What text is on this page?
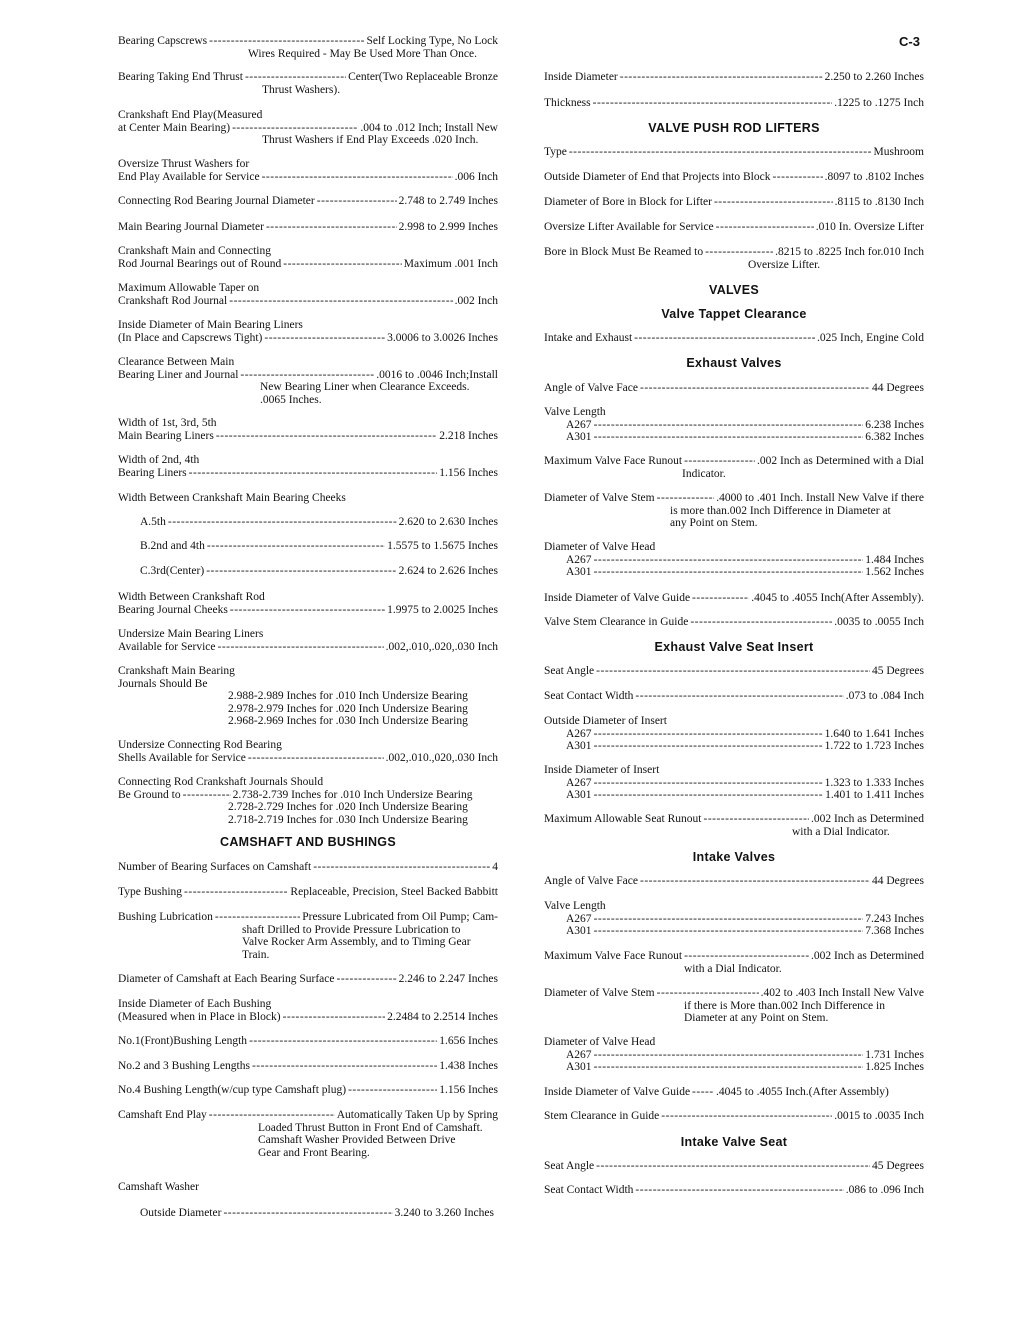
C-3
Bearing Capscrews -----	Self Locking Type, No Lock
Wires Required - May Be Used More Than Once.
Bearing Taking End Thrust -----	Center(Two Replaceable Bronze
Thrust Washers).
Crankshaft End Play(Measured
at Center Main Bearing) -----	.004 to .012 Inch; Install New
Thrust Washers if End Play Exceeds .020 Inch.
Oversize Thrust Washers for
End Play Available for Service -----	.006 Inch
Connecting Rod Bearing Journal Diameter -----	2.748 to 2.749 Inches
Main Bearing Journal Diameter -----	2.998 to 2.999 Inches
Crankshaft Main and Connecting
Rod Journal Bearings out of Round -----	Maximum .001 Inch
Maximum Allowable Taper on
Crankshaft Rod Journal -----	.002 Inch
Inside Diameter of Main Bearing Liners
(In Place and Capscrews Tight) -----	3.0006 to 3.0026 Inches
Clearance Between Main
Bearing Liner and Journal -----	.0016 to .0046 Inch;Install
New Bearing Liner when Clearance Exceeds.
.0065 Inches.
Width of 1st, 3rd, 5th
Main Bearing Liners -----	2.218 Inches
Width of 2nd, 4th
Bearing Liners -----	1.156 Inches
Width Between Crankshaft Main Bearing Cheeks
A.5th -----	2.620 to 2.630 Inches
B.2nd and 4th -----	1.5575 to 1.5675 Inches
C.3rd(Center) -----	2.624 to 2.626 Inches
Width Between Crankshaft Rod
Bearing Journal Cheeks -----	1.9975 to 2.0025 Inches
Undersize Main Bearing Liners
Available for Service -----	.002,.010,.020,.030 Inch
Crankshaft Main Bearing
Journals Should Be
2.988-2.989 Inches for .010 Inch Undersize Bearing
2.978-2.979 Inches for .020 Inch Undersize Bearing
2.968-2.969 Inches for .030 Inch Undersize Bearing
Undersize Connecting Rod Bearing
Shells Available for Service -----	.002,.010.,020,.030 Inch
Connecting Rod Crankshaft Journals Should
Be Ground to -----	2.738-2.739 Inches for .010 Inch Undersize Bearing
2.728-2.729 Inches for .020 Inch Undersize Bearing
2.718-2.719 Inches for .030 Inch Undersize Bearing
CAMSHAFT AND BUSHINGS
Number of Bearing Surfaces on Camshaft -----	4
Type Bushing -----	Replaceable, Precision, Steel Backed Babbitt
Bushing Lubrication -----	Pressure Lubricated from Oil Pump; Cam-
shaft Drilled to Provide Pressure Lubrication to
Valve Rocker Arm Assembly, and to Timing Gear
Train.
Diameter of Camshaft at Each Bearing Surface -----	2.246 to 2.247 Inches
Inside Diameter of Each Bushing
(Measured when in Place in Block) -----	2.2484 to 2.2514 Inches
No.1(Front)Bushing Length -----	1.656 Inches
No.2 and 3 Bushing Lengths -----	1.438 Inches
No.4 Bushing Length(w/cup type Camshaft plug) -----	1.156 Inches
Camshaft End Play -----	Automatically Taken Up by Spring
Loaded Thrust Button in Front End of Camshaft.
Camshaft Washer Provided Between Drive
Gear and Front Bearing.
Camshaft Washer
Outside Diameter -----	3.240 to 3.260 Inches
Inside Diameter -----	2.250 to 2.260 Inches
Thickness -----	.1225 to .1275 Inch
VALVE PUSH ROD LIFTERS
Type -----	Mushroom
Outside Diameter of End that Projects into Block -----	.8097 to .8102 Inches
Diameter of Bore in Block for Lifter -----	.8115 to .8130 Inch
Oversize Lifter Available for Service -----	.010 In. Oversize Lifter
Bore in Block Must Be Reamed to -----	.8215 to .8225 Inch for.010 Inch
Oversize Lifter.
VALVES
Valve Tappet Clearance
Intake and Exhaust -----	.025 Inch, Engine Cold
Exhaust Valves
Angle of Valve Face -----	44 Degrees
Valve Length
A267 -----	6.238 Inches
A301 -----	6.382 Inches
Maximum Valve Face Runout -----	.002 Inch as Determined with a Dial
Indicator.
Diameter of Valve Stem -----	.4000 to .401 Inch. Install New Valve if there
is more than.002 Inch Difference in Diameter at
any Point on Stem.
Diameter of Valve Head
A267 -----	1.484 Inches
A301 -----	1.562 Inches
Inside Diameter of Valve Guide -----	.4045 to .4055 Inch(After Assembly).
Valve Stem Clearance in Guide -----	.0035 to .0055 Inch
Exhaust Valve Seat Insert
Seat Angle -----	45 Degrees
Seat Contact Width -----	.073 to .084 Inch
Outside Diameter of Insert
A267 -----	1.640 to 1.641 Inches
A301 -----	1.722 to 1.723 Inches
Inside Diameter of Insert
A267 -----	1.323 to 1.333 Inches
A301 -----	1.401 to 1.411 Inches
Maximum Allowable Seat Runout -----	.002 Inch as Determined
with a Dial Indicator.
Intake Valves
Angle of Valve Face -----	44 Degrees
Valve Length
A267 -----	7.243 Inches
A301 -----	7.368 Inches
Maximum Valve Face Runout -----	.002 Inch as Determined
with a Dial Indicator.
Diameter of Valve Stem -----	.402 to .403 Inch Install New Valve
if there is More than.002 Inch Difference in
Diameter at any Point on Stem.
Diameter of Valve Head
A267 -----	1.731 Inches
A301 -----	1.825 Inches
Inside Diameter of Valve Guide ----- .4045 to .4055 Inch.(After Assembly)
Stem Clearance in Guide -----	.0015 to .0035 Inch
Intake Valve Seat
Seat Angle -----	45 Degrees
Seat Contact Width -----	.086 to .096 Inch
